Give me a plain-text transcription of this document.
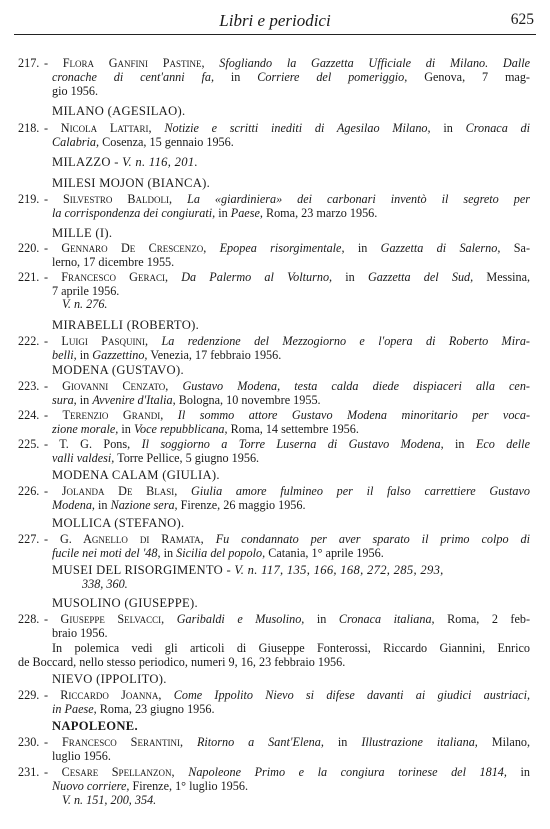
Libri e periodici	625
217. - Flora Ganfini Pastine, Sfogliando la Gazzetta Ufficiale di Milano. Dalle
cronache di cent'anni fa, in Corriere del pomeriggio, Genova, 7 mag-
gio 1956.
MILANO (AGESILAO).
218. - Nicola Lattari, Notizie e scritti inediti di Agesilao Milano, in Cronaca di
Calabria, Cosenza, 15 gennaio 1956.
MILAZZO - V. n. 116, 201.
MILESI MOJON (BIANCA).
219. - Silvestro Baldoli, La «giardiniera» dei carbonari inventò il segreto per
la corrispondenza dei congiurati, in Paese, Roma, 23 marzo 1956.
MILLE (I).
220. - Gennaro De Crescenzo, Epopea risorgimentale, in Gazzetta di Salerno, Sa-
lerno, 17 dicembre 1955.
221. - Francesco Geraci, Da Palermo al Volturno, in Gazzetta del Sud, Messina,
7 aprile 1956.
V. n. 276.
MIRABELLI (ROBERTO).
222. - Luigi Pasquini, La redenzione del Mezzogiorno e l'opera di Roberto Mira-
belli, in Gazzettino, Venezia, 17 febbraio 1956.
MODENA (GUSTAVO).
223. - Giovanni Cenzato, Gustavo Modena, testa calda diede dispiaceri alla cen-
sura, in Avvenire d'Italia, Bologna, 10 novembre 1955.
224. - Terenzio Grandi, Il sommo attore Gustavo Modena minoritario per voca-
zione morale, in Voce repubblicana, Roma, 14 settembre 1956.
225. - T. G. Pons, Il soggiorno a Torre Luserna di Gustavo Modena, in Eco delle
valli valdesi, Torre Pellice, 5 giugno 1956.
MODENA CALAM (GIULIA).
226. - Jolanda De Blasi, Giulia amore fulmineo per il falso carrettiere Gustavo
Modena, in Nazione sera, Firenze, 26 maggio 1956.
MOLLICA (STEFANO).
227. - G. Agnello di Ramata, Fu condannato per aver sparato il primo colpo di
fucile nei moti del '48, in Sicilia del popolo, Catania, 1° aprile 1956.
MUSEI DEL RISORGIMENTO - V. n. 117, 135, 166, 168, 272, 285, 293,
338, 360.
MUSOLINO (GIUSEPPE).
228. - Giuseppe Selvacci, Garibaldi e Musolino, in Cronaca italiana, Roma, 2 feb-
braio 1956.
In polemica vedi gli articoli di Giuseppe Fonterossi, Riccardo Giannini, Enrico
de Boccard, nello stesso periodico, numeri 9, 16, 23 febbraio 1956.
NIEVO (IPPOLITO).
229. - Riccardo Joanna, Come Ippolito Nievo si difese davanti ai giudici austriaci,
in Paese, Roma, 23 giugno 1956.
NAPOLEONE.
230. - Francesco Serantini, Ritorno a Sant'Elena, in Illustrazione italiana, Milano,
luglio 1956.
231. - Cesare Spellanzon, Napoleone Primo e la congiura torinese del 1814, in
Nuovo corriere, Firenze, 1° luglio 1956.
V. n. 151, 200, 354.
